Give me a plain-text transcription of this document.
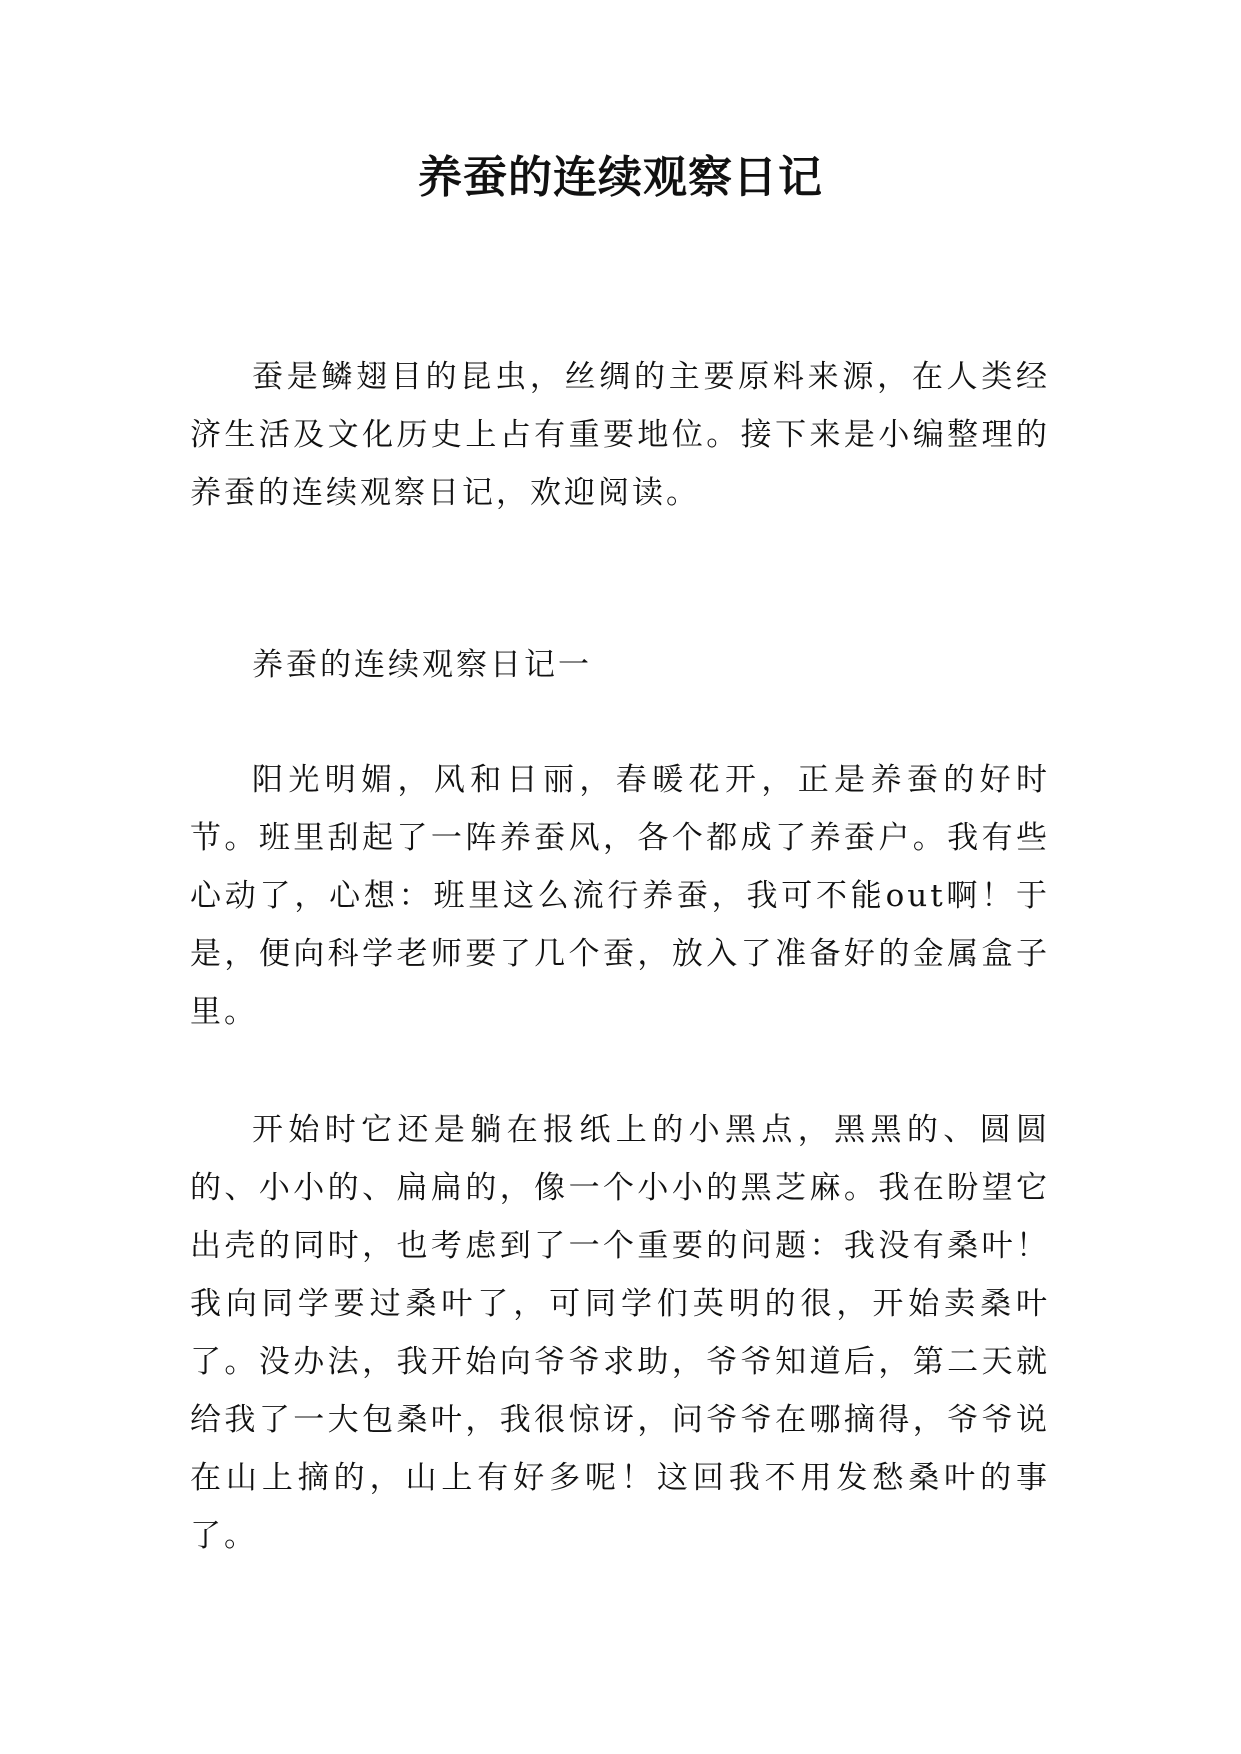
养蚕的连续观察日记

蚕是鳞翅目的昆虫，丝绸的主要原料来源，在人类经济生活及文化历史上占有重要地位。接下来是小编整理的养蚕的连续观察日记，欢迎阅读。

养蚕的连续观察日记一

阳光明媚，风和日丽，春暖花开，正是养蚕的好时节。班里刮起了一阵养蚕风，各个都成了养蚕户。我有些心动了，心想：班里这么流行养蚕，我可不能out啊！于是，便向科学老师要了几个蚕，放入了准备好的金属盒子里。

开始时它还是躺在报纸上的小黑点，黑黑的、圆圆的、小小的、扁扁的，像一个小小的黑芝麻。我在盼望它出壳的同时，也考虑到了一个重要的问题：我没有桑叶！我向同学要过桑叶了，可同学们英明的很，开始卖桑叶了。没办法，我开始向爷爷求助，爷爷知道后，第二天就给我了一大包桑叶，我很惊讶，问爷爷在哪摘得，爷爷说在山上摘的，山上有好多呢！这回我不用发愁桑叶的事了。
